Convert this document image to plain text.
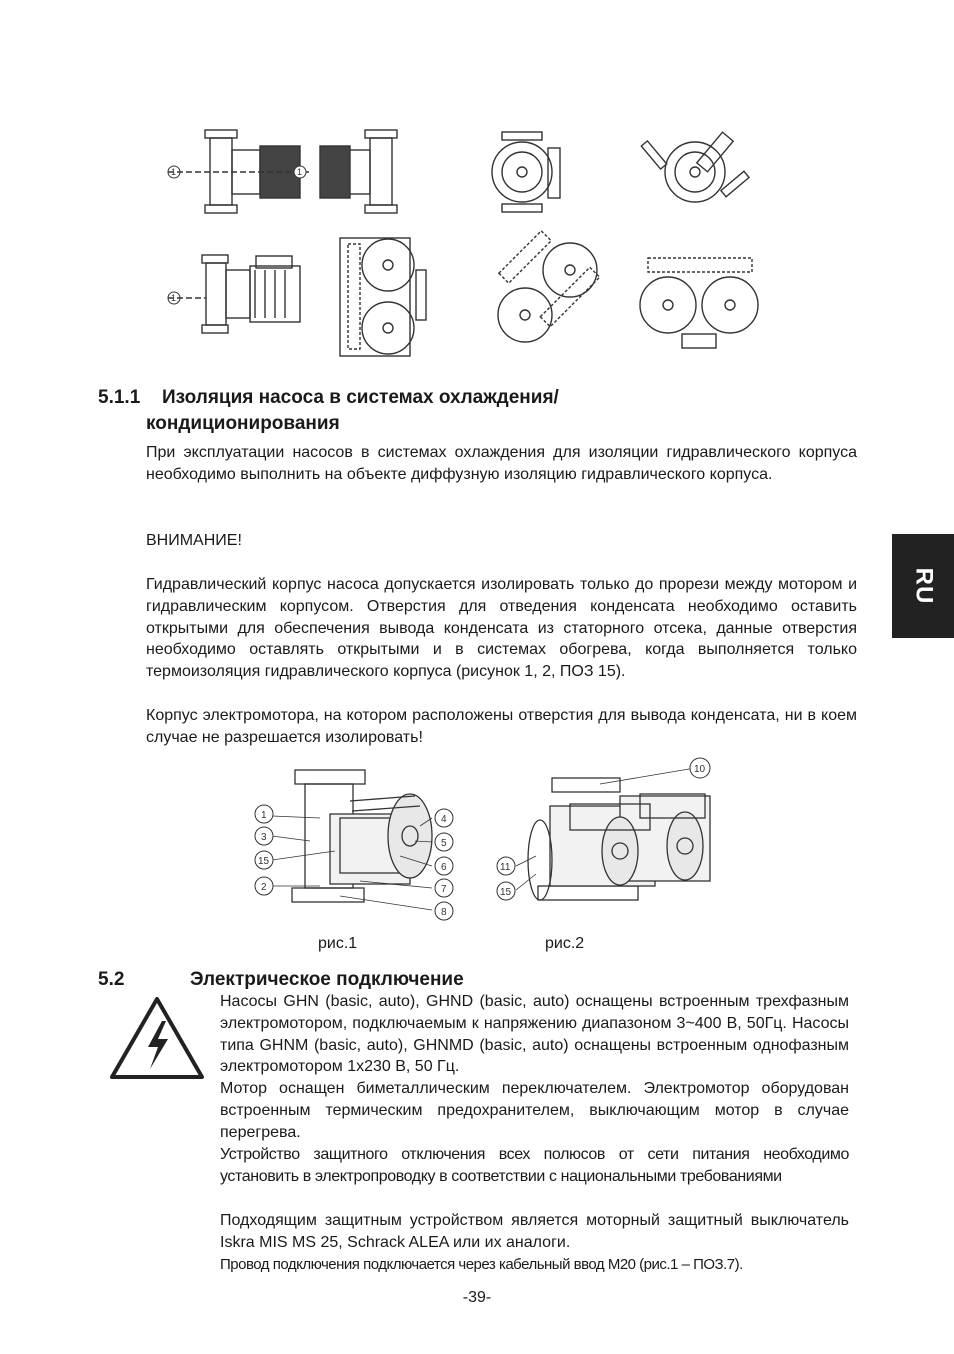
RU
1	1
1
5.1.1 Изоляция насоса в системах охлаждения/
кондиционирования

При эксплуатации насосов в системах охлаждения для изоляции гидравлического корпуса необходимо выполнить на объекте диффузную изоляцию гидравлического корпуса.

ВНИМАНИЕ!

Гидравлический корпус насоса допускается изолировать только до прорези между мотором и гидравлическим корпусом. Отверстия для отведения конденсата необходимо оставить открытыми для обеспечения вывода конденсата из статорного отсека, данные отверстия необходимо оставлять открытыми и в системах обогрева, когда выполняется только термоизоляция гидравлического корпуса (рисунок 1, 2, ПОЗ 15).

Корпус электромотора, на котором расположены отверстия для вывода конденсата, ни в коем случае не разрешается изолировать!

1
3
15
2
4
5
6
7
8
10
11
15
рис.1	рис.2
5.2	Электрическое подключение

Насосы GHN (basic, auto), GHND (basic, auto) оснащены встроенным трехфазным электромотором, подключаемым к напряжению диапазоном 3~400 В, 50Гц. Насосы типа GHNM (basic, auto), GHNMD (basic, auto) оснащены встроенным однофазным электромотором 1x230 В, 50 Гц.

Мотор оснащен биметаллическим переключателем. Электромотор оборудован встроенным термическим предохранителем, выключающим мотор в случае перегрева.

Устройство защитного отключения всех полюсов от сети питания необходимо установить в электропроводку в соответствии с национальными требованиями

Подходящим защитным устройством является моторный защитный выключатель Iskra MIS MS 25, Schrack ALEA или их аналоги.

Провод подключения подключается через кабельный ввод M20 (рис.1 – ПОЗ.7).

-39-
